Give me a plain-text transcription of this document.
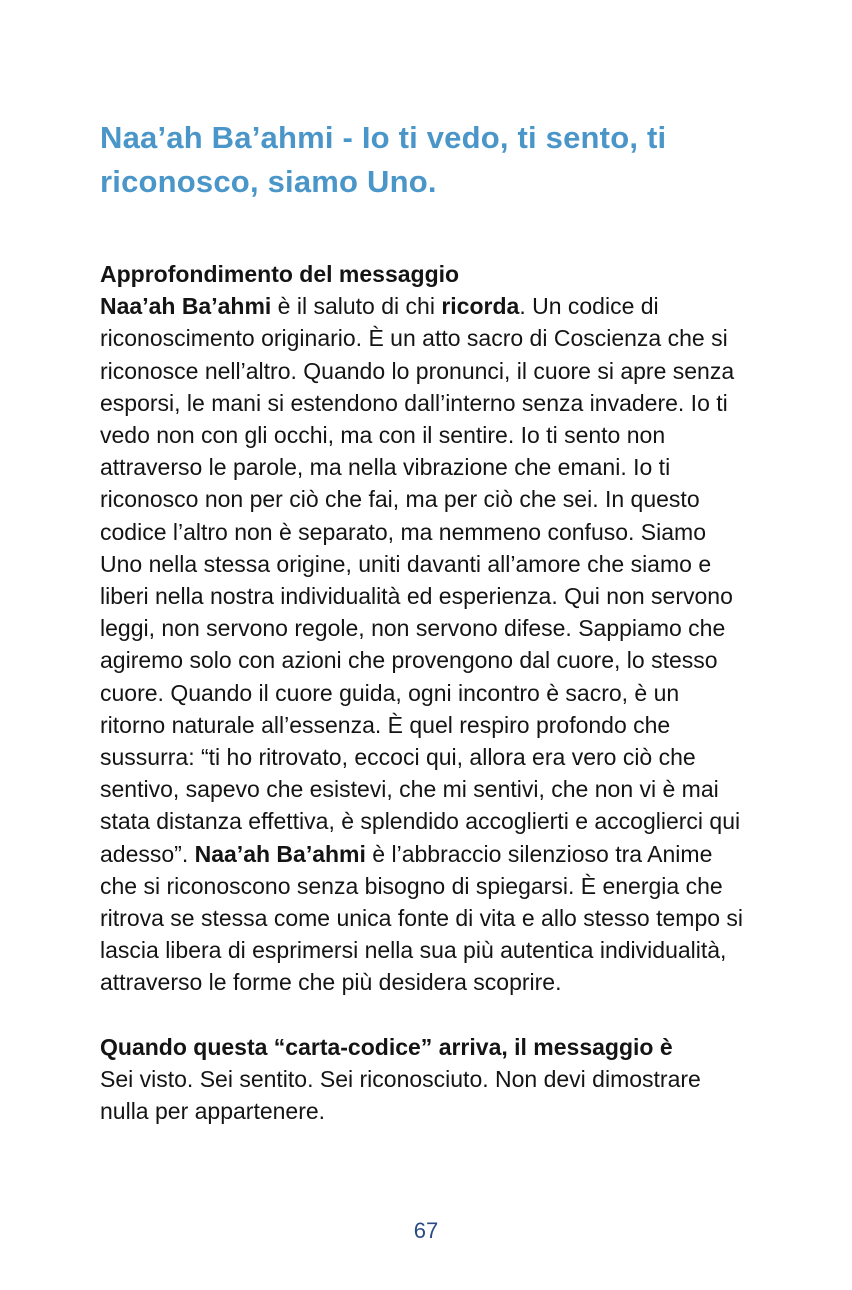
Naa’ah Ba’ahmi - Io ti vedo, ti sento, ti riconosco, siamo Uno.
Approfondimento del messaggio

Naa’ah Ba’ahmi è il saluto di chi ricorda. Un codice di riconoscimento originario. È un atto sacro di Coscienza che si riconosce nell’altro. Quando lo pronunci, il cuore si apre senza esporsi, le mani si estendono dall’interno senza invadere. Io ti vedo non con gli occhi, ma con il sentire. Io ti sento non attraverso le parole, ma nella vibrazione che emani. Io ti riconosco non per ciò che fai, ma per ciò che sei. In questo codice l’altro non è separato, ma nemmeno confuso. Siamo Uno nella stessa origine, uniti davanti all’amore che siamo e liberi nella nostra individualità ed esperienza. Qui non servono leggi, non servono regole, non servono difese. Sappiamo che agiremo solo con azioni che provengono dal cuore, lo stesso cuore. Quando il cuore guida, ogni incontro è sacro, è un ritorno naturale all’essenza. È quel respiro profondo che sussurra: “ti ho ritrovato, eccoci qui, allora era vero ciò che sentivo, sapevo che esistevi, che mi sentivi, che non vi è mai stata distanza effettiva, è splendido accoglierti e accoglierci qui adesso”. Naa’ah Ba’ahmi è l’abbraccio silenzioso tra Anime che si riconoscono senza bisogno di spiegarsi. È energia che ritrova se stessa come unica fonte di vita e allo stesso tempo si lascia libera di esprimersi nella sua più autentica individualità, attraverso le forme che più desidera scoprire.

Quando questa “carta-codice” arriva, il messaggio è

Sei visto. Sei sentito. Sei riconosciuto. Non devi dimostrare nulla per appartenere.

67
